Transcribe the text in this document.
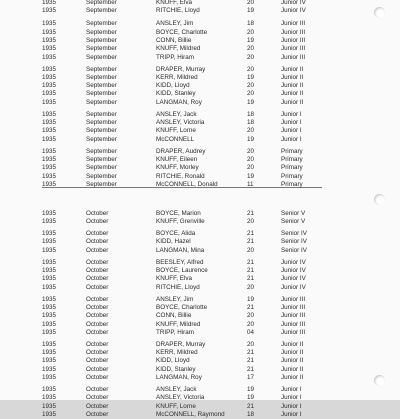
1935	September	KNUFF, Elva	20	Junior IV
1935	September	RITCHIE, Lloyd	19	Junior IV
1935	September	ANSLEY, Jim	18	Junior III
1935	September	BOYCE, Charlotte	20	Junior III
1935	September	CONN, Billie	19	Junior III
1935	September	KNUFF, Mildred	20	Junior III
1935	September	TRIPP, Hiram	20	Junior III
1935	September	DRAPER, Murray	20	Junior II
1935	September	KERR, Mildred	19	Junior II
1935	September	KIDD, Lloyd	20	Junior II
1935	September	KIDD, Stanley	20	Junior II
1935	September	LANGMAN, Roy	19	Junior II
1935	September	ANSLEY, Jack	18	Junior I
1935	September	ANSLEY, Victoria	18	Junior I
1935	September	KNUFF, Lorne	20	Junior I
1935	September	McCONNELL	19	Junior I
1935	September	DRAPER, Audrey	20	Primary
1935	September	KNUFF, Eileen	20	Primary
1935	September	KNUFF, Morley	20	Primary
1935	September	RITCHIE, Ronald	19	Primary
1935	September	McCONNELL, Donald	11	Primary
1935	October	BOYCE, Marion	21	Senior V
1935	October	KNUFF, Grenville	20	Senior V
1935	October	BOYCE, Alida	21	Senior IV
1935	October	KIDD, Hazel	21	Senior IV
1935	October	LANGMAN, Mina	20	Senior IV
1935	October	BEESLEY, Alfred	21	Junior IV
1935	October	BOYCE, Laurence	21	Junior IV
1935	October	KNUFF, Elva	21	Junior IV
1935	October	RITCHIE, Lloyd	20	Junior IV
1935	October	ANSLEY, Jim	19	Junior III
1935	October	BOYCE, Charlotte	21	Junior III
1935	October	CONN, Billie	20	Junior III
1935	October	KNUFF, Mildred	20	Junior III
1935	October	TRIPP, Hiram	04	Junior III
1935	October	DRAPER, Murray	20	Junior II
1935	October	KERR, Mildred	21	Junior II
1935	October	KIDD, Lloyd	21	Junior II
1935	October	KIDD, Stanley	21	Junior II
1935	October	LANGMAN, Roy	17	Junior II
1935	October	ANSLEY, Jack	19	Junior I
1935	October	ANSLEY, Victoria	19	Junior I
1935	October	KNUFF, Lorne	21	Junior I
1935	October	McCONNELL, Raymond	18	Junior I
